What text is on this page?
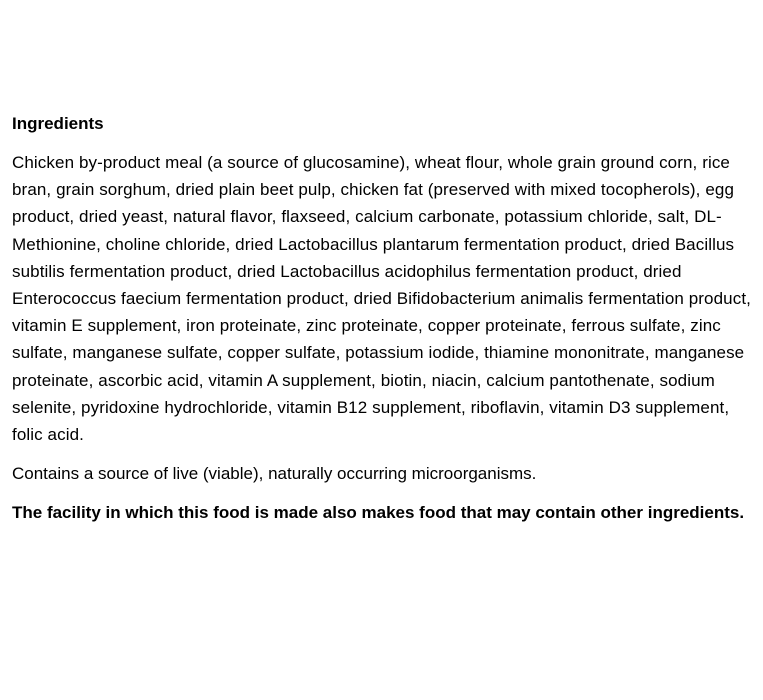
Ingredients

Chicken by-product meal (a source of glucosamine), wheat flour, whole grain ground corn, rice bran, grain sorghum, dried plain beet pulp, chicken fat (preserved with mixed tocopherols), egg product, dried yeast, natural flavor, flaxseed, calcium carbonate, potassium chloride, salt, DL-Methionine, choline chloride, dried Lactobacillus plantarum fermentation product, dried Bacillus subtilis fermentation product, dried Lactobacillus acidophilus fermentation product, dried Enterococcus faecium fermentation product, dried Bifidobacterium animalis fermentation product, vitamin E supplement, iron proteinate, zinc proteinate, copper proteinate, ferrous sulfate, zinc sulfate, manganese sulfate, copper sulfate, potassium iodide, thiamine mononitrate, manganese proteinate, ascorbic acid, vitamin A supplement, biotin, niacin, calcium pantothenate, sodium selenite, pyridoxine hydrochloride, vitamin B12 supplement, riboflavin, vitamin D3 supplement, folic acid.

Contains a source of live (viable), naturally occurring microorganisms.

The facility in which this food is made also makes food that may contain other ingredients.
